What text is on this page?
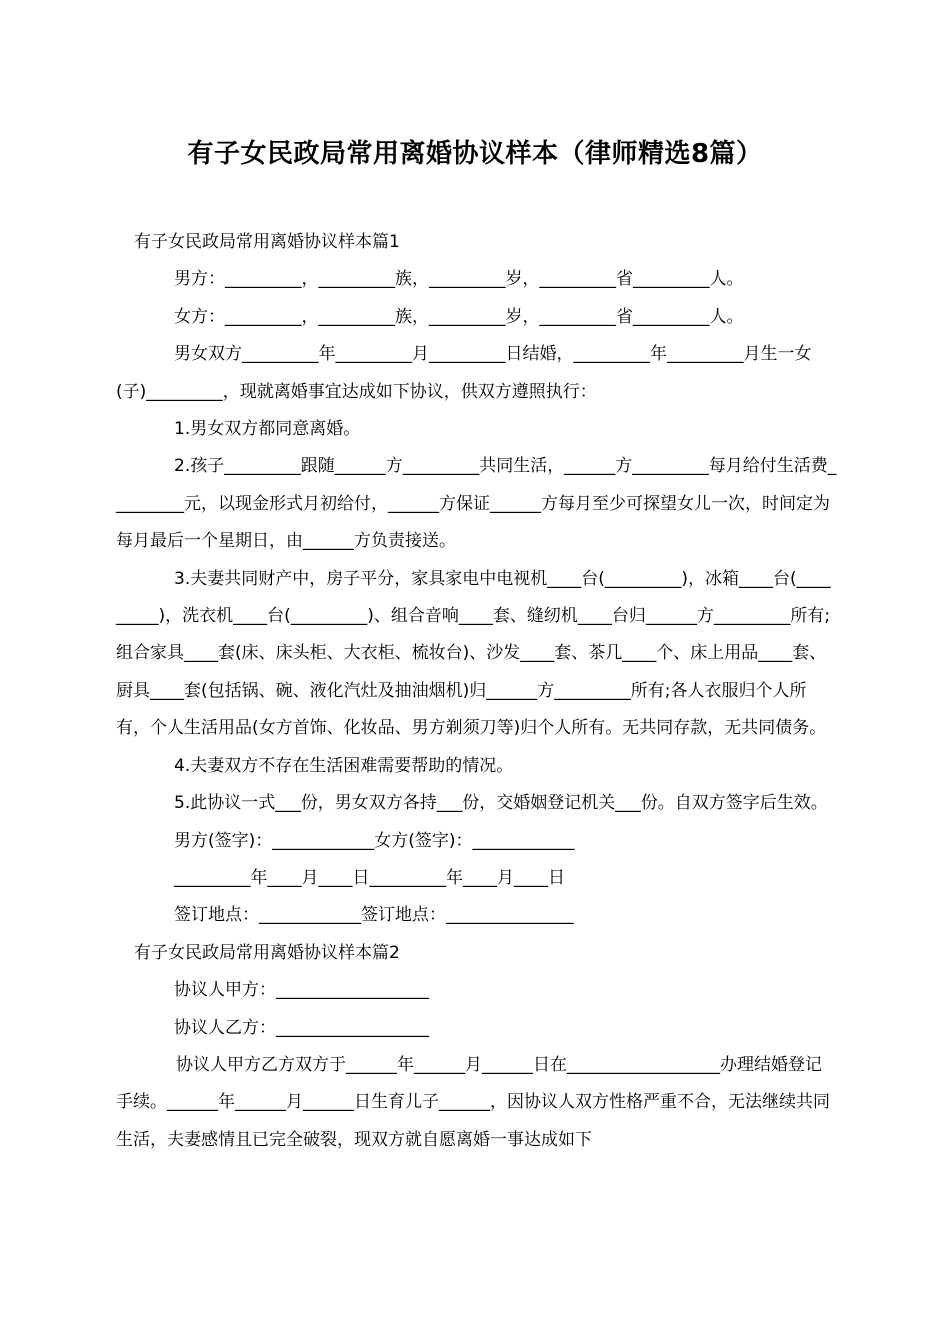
有子女民政局常用离婚协议样本（律师精选8篇）

有子女民政局常用离婚协议样本篇1

男方：_________，_________族，_________岁，_________省_________人。

女方：_________，_________族，_________岁，_________省_________人。

男女双方_________年_________月_________日结婚，_________年_________月生一女(子)_________，现就离婚事宜达成如下协议，供双方遵照执行：

1.男女双方都同意离婚。

2.孩子_________跟随______方_________共同生活，______方_________每月给付生活费_________元，以现金形式月初给付，______方保证______方每月至少可探望女儿一次，时间定为每月最后一个星期日，由______方负责接送。

3.夫妻共同财产中，房子平分，家具家电中电视机____台(_________)，冰箱____台(_________)，洗衣机____台(_________)、组合音响____套、缝纫机____台归______方_________所有;组合家具____套(床、床头柜、大衣柜、梳妆台)、沙发____套、茶几____个、床上用品____套、厨具____套(包括锅、碗、液化汽灶及抽油烟机)归______方_________所有;各人衣服归个人所有，个人生活用品(女方首饰、化妆品、男方剃须刀等)归个人所有。无共同存款，无共同债务。

4.夫妻双方不存在生活困难需要帮助的情况。

5.此协议一式___份，男女双方各持___份，交婚姻登记机关___份。自双方签字后生效。

男方(签字)：____________女方(签字)：____________

_________年____月____日_________年____月____日

签订地点：____________签订地点：_______________

有子女民政局常用离婚协议样本篇2

协议人甲方：__________________

协议人乙方：__________________

协议人甲方乙方双方于______年______月______日在__________________办理结婚登记手续。______年______月______日生育儿子______，因协议人双方性格严重不合，无法继续共同生活，夫妻感情且已完全破裂，现双方就自愿离婚一事达成如下
